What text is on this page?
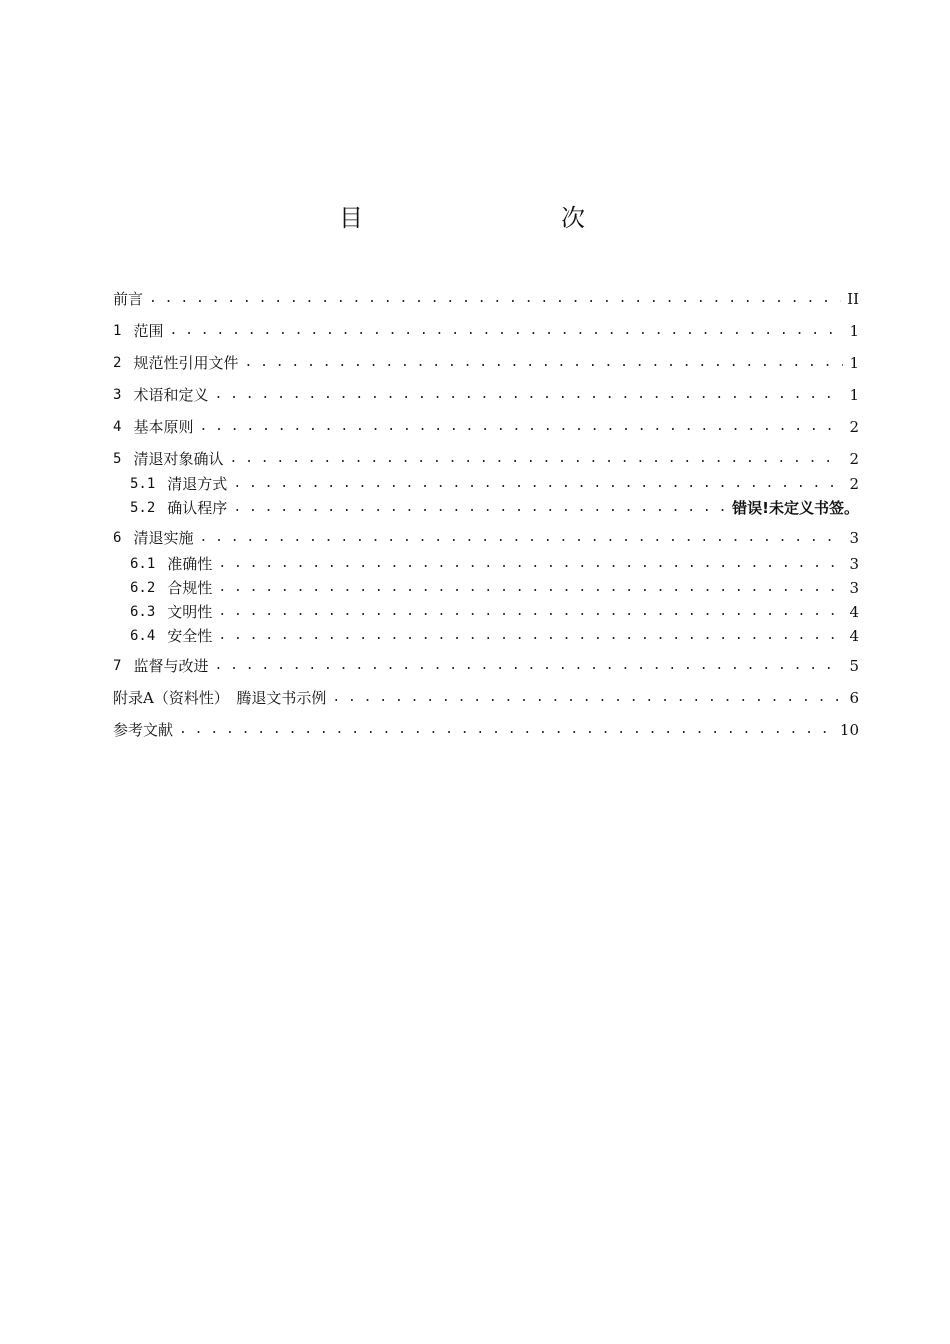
目　　次
前言 . . .	II
1 范围 . . .	1
2 规范性引用文件 . . .	1
3 术语和定义 . . .	1
4 基本原则 . . .	2
5 清退对象确认 . . .	2
5.1 清退方式 . . .	2
5.2 确认程序 . . .	错误!未定义书签。
6 清退实施 . . .	3
6.1 准确性 . . .	3
6.2 合规性 . . .	3
6.3 文明性 . . .	4
6.4 安全性 . . .	4
7 监督与改进 . . .	5
附录A（资料性）　腾退文书示例 . . .	6
参考文献 . . .	10
